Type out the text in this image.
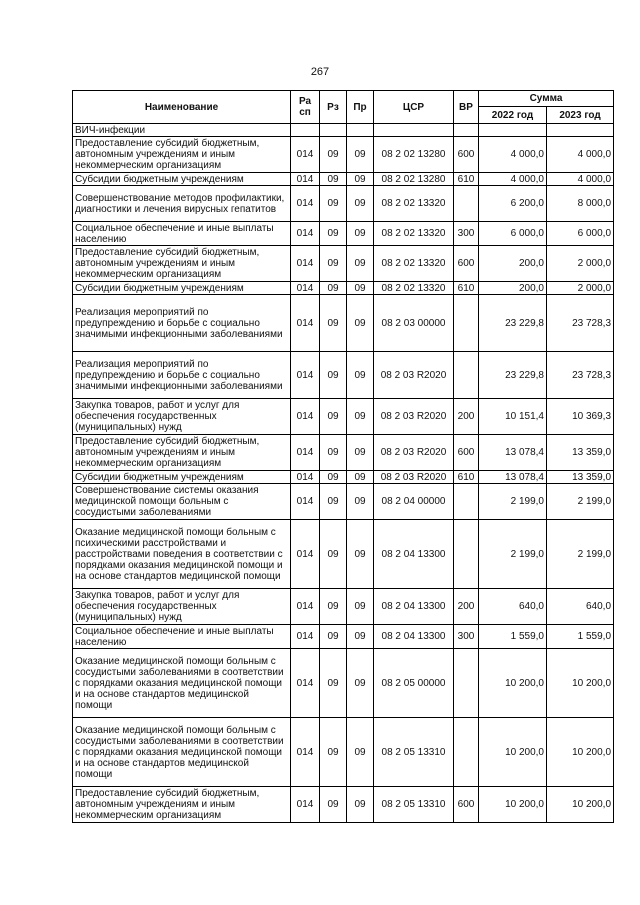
267
Наименование	Ра сп	Рз	Пр	ЦСР	ВР	Сумма	
						2022 год	2023 год
ВИЧ-инфекции							
Предоставление субсидий бюджетным, автономным учреждениям и иным некоммерческим организациям	014	09	09	08 2 02 13280	600	4 000,0	4 000,0
Субсидии бюджетным учреждениям	014	09	09	08 2 02 13280	610	4 000,0	4 000,0
Совершенствование методов профилактики, диагностики и лечения вирусных гепатитов	014	09	09	08 2 02 13320		6 200,0	8 000,0
Социальное обеспечение и иные выплаты населению	014	09	09	08 2 02 13320	300	6 000,0	6 000,0
Предоставление субсидий бюджетным, автономным учреждениям и иным некоммерческим организациям	014	09	09	08 2 02 13320	600	200,0	2 000,0
Субсидии бюджетным учреждениям	014	09	09	08 2 02 13320	610	200,0	2 000,0
Реализация мероприятий по предупреждению и борьбе с социально значимыми инфекционными заболеваниями	014	09	09	08 2 03 00000		23 229,8	23 728,3
Реализация мероприятий по предупреждению и борьбе с социально значимыми инфекционными заболеваниями	014	09	09	08 2 03 R2020		23 229,8	23 728,3
Закупка товаров, работ и услуг для обеспечения государственных (муниципальных) нужд	014	09	09	08 2 03 R2020	200	10 151,4	10 369,3
Предоставление субсидий бюджетным, автономным учреждениям и иным некоммерческим организациям	014	09	09	08 2 03 R2020	600	13 078,4	13 359,0
Субсидии бюджетным учреждениям	014	09	09	08 2 03 R2020	610	13 078,4	13 359,0
Совершенствование системы оказания медицинской помощи больным с сосудистыми заболеваниями	014	09	09	08 2 04 00000		2 199,0	2 199,0
Оказание медицинской помощи больным с психическими расстройствами и расстройствами поведения в соответствии с порядками оказания медицинской помощи и на основе стандартов медицинской помощи	014	09	09	08 2 04 13300		2 199,0	2 199,0
Закупка товаров, работ и услуг для обеспечения государственных (муниципальных) нужд	014	09	09	08 2 04 13300	200	640,0	640,0
Социальное обеспечение и иные выплаты населению	014	09	09	08 2 04 13300	300	1 559,0	1 559,0
Оказание медицинской помощи больным с сосудистыми заболеваниями в соответствии с порядками оказания медицинской помощи и на основе стандартов медицинской помощи	014	09	09	08 2 05 00000		10 200,0	10 200,0
Оказание медицинской помощи больным с сосудистыми заболеваниями в соответствии с порядками оказания медицинской помощи и на основе стандартов медицинской помощи	014	09	09	08 2 05 13310		10 200,0	10 200,0
Предоставление субсидий бюджетным, автономным учреждениям и иным некоммерческим организациям	014	09	09	08 2 05 13310	600	10 200,0	10 200,0
